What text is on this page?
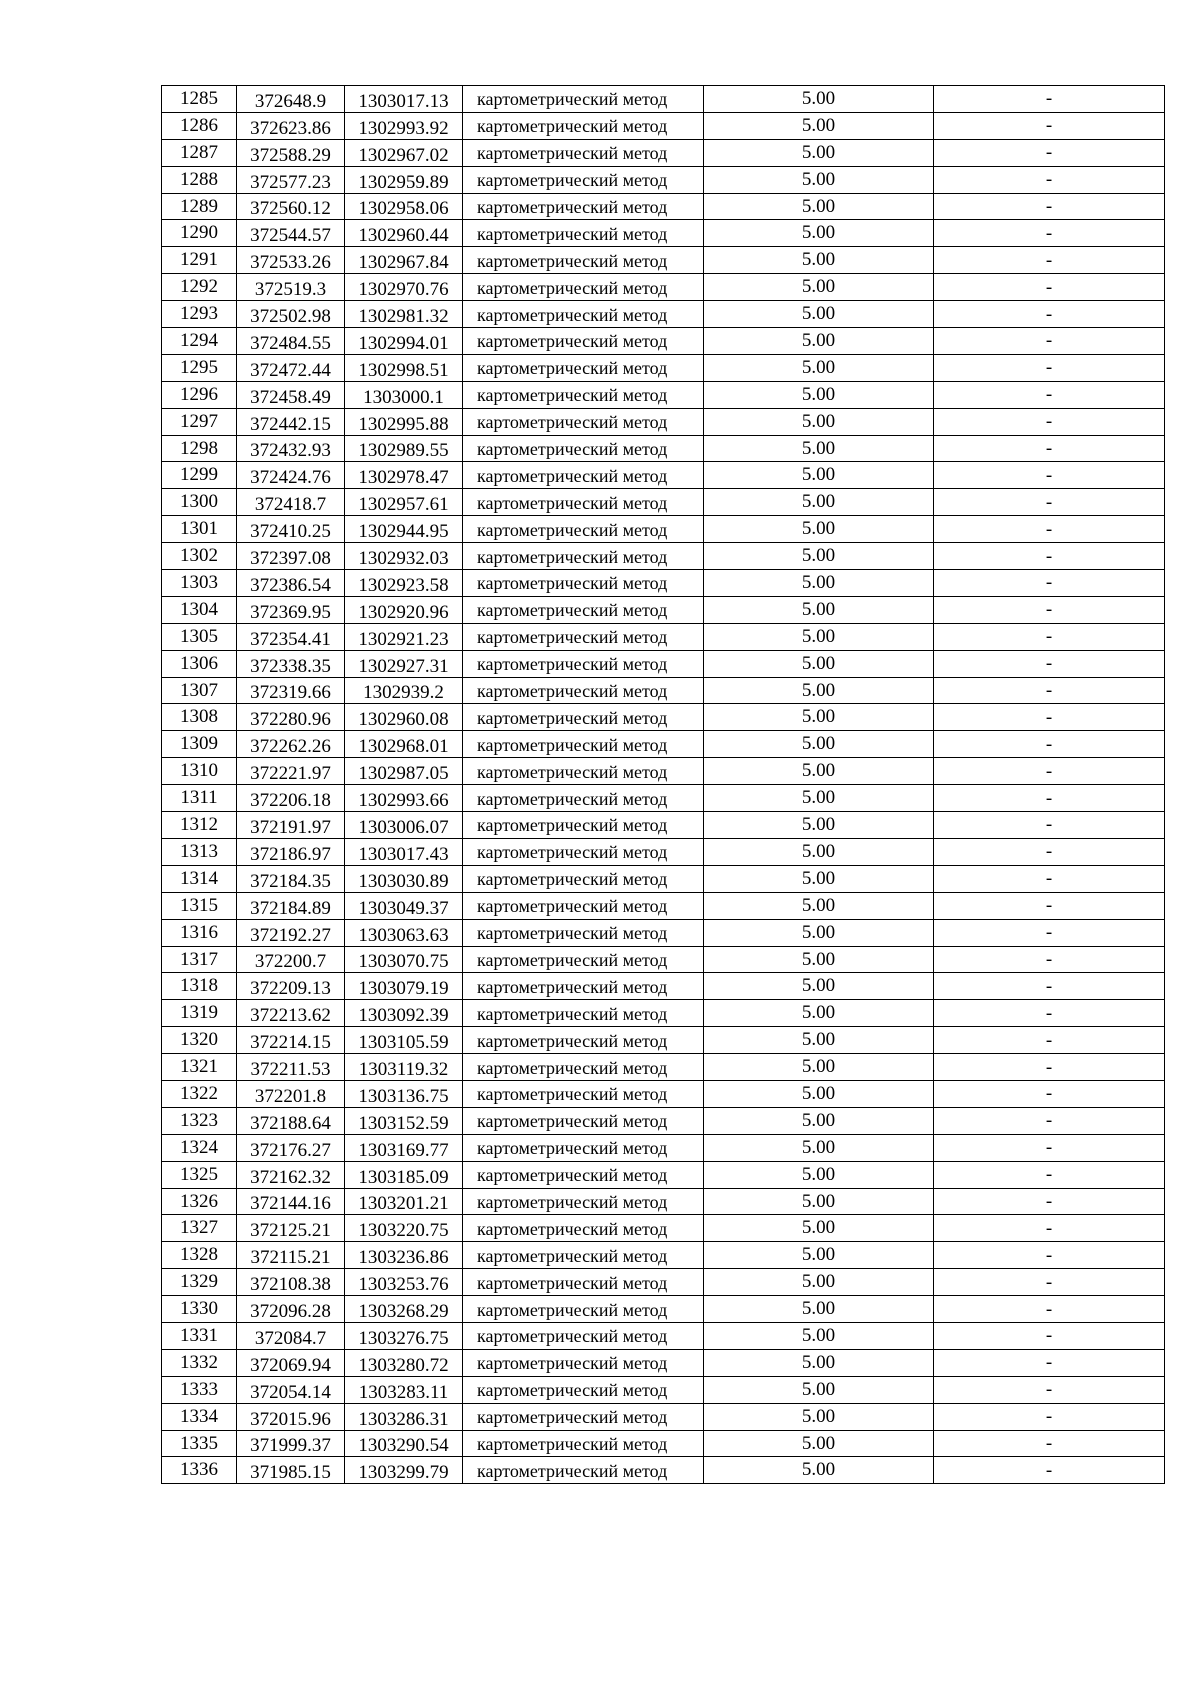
1285	372648.9	1303017.13	картометрический метод	5.00	-
1286	372623.86	1302993.92	картометрический метод	5.00	-
1287	372588.29	1302967.02	картометрический метод	5.00	-
1288	372577.23	1302959.89	картометрический метод	5.00	-
1289	372560.12	1302958.06	картометрический метод	5.00	-
1290	372544.57	1302960.44	картометрический метод	5.00	-
1291	372533.26	1302967.84	картометрический метод	5.00	-
1292	372519.3	1302970.76	картометрический метод	5.00	-
1293	372502.98	1302981.32	картометрический метод	5.00	-
1294	372484.55	1302994.01	картометрический метод	5.00	-
1295	372472.44	1302998.51	картометрический метод	5.00	-
1296	372458.49	1303000.1	картометрический метод	5.00	-
1297	372442.15	1302995.88	картометрический метод	5.00	-
1298	372432.93	1302989.55	картометрический метод	5.00	-
1299	372424.76	1302978.47	картометрический метод	5.00	-
1300	372418.7	1302957.61	картометрический метод	5.00	-
1301	372410.25	1302944.95	картометрический метод	5.00	-
1302	372397.08	1302932.03	картометрический метод	5.00	-
1303	372386.54	1302923.58	картометрический метод	5.00	-
1304	372369.95	1302920.96	картометрический метод	5.00	-
1305	372354.41	1302921.23	картометрический метод	5.00	-
1306	372338.35	1302927.31	картометрический метод	5.00	-
1307	372319.66	1302939.2	картометрический метод	5.00	-
1308	372280.96	1302960.08	картометрический метод	5.00	-
1309	372262.26	1302968.01	картометрический метод	5.00	-
1310	372221.97	1302987.05	картометрический метод	5.00	-
1311	372206.18	1302993.66	картометрический метод	5.00	-
1312	372191.97	1303006.07	картометрический метод	5.00	-
1313	372186.97	1303017.43	картометрический метод	5.00	-
1314	372184.35	1303030.89	картометрический метод	5.00	-
1315	372184.89	1303049.37	картометрический метод	5.00	-
1316	372192.27	1303063.63	картометрический метод	5.00	-
1317	372200.7	1303070.75	картометрический метод	5.00	-
1318	372209.13	1303079.19	картометрический метод	5.00	-
1319	372213.62	1303092.39	картометрический метод	5.00	-
1320	372214.15	1303105.59	картометрический метод	5.00	-
1321	372211.53	1303119.32	картометрический метод	5.00	-
1322	372201.8	1303136.75	картометрический метод	5.00	-
1323	372188.64	1303152.59	картометрический метод	5.00	-
1324	372176.27	1303169.77	картометрический метод	5.00	-
1325	372162.32	1303185.09	картометрический метод	5.00	-
1326	372144.16	1303201.21	картометрический метод	5.00	-
1327	372125.21	1303220.75	картометрический метод	5.00	-
1328	372115.21	1303236.86	картометрический метод	5.00	-
1329	372108.38	1303253.76	картометрический метод	5.00	-
1330	372096.28	1303268.29	картометрический метод	5.00	-
1331	372084.7	1303276.75	картометрический метод	5.00	-
1332	372069.94	1303280.72	картометрический метод	5.00	-
1333	372054.14	1303283.11	картометрический метод	5.00	-
1334	372015.96	1303286.31	картометрический метод	5.00	-
1335	371999.37	1303290.54	картометрический метод	5.00	-
1336	371985.15	1303299.79	картометрический метод	5.00	-
